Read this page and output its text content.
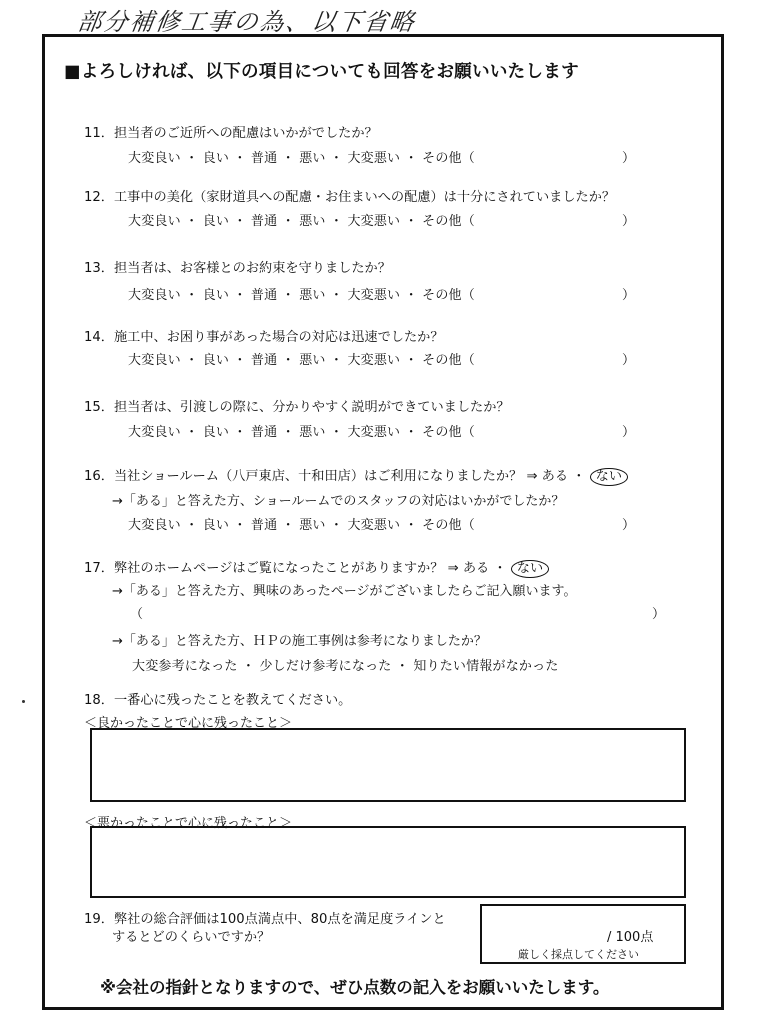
部分補修工事の為、以下省略
■よろしければ、以下の項目についても回答をお願いいたします
11．担当者のご近所への配慮はいかがでしたか？
大変良い ・ 良い ・ 普通 ・ 悪い ・ 大変悪い ・ その他（	）
12．工事中の美化（家財道具への配慮・お住まいへの配慮）は十分にされていましたか？
大変良い ・ 良い ・ 普通 ・ 悪い ・ 大変悪い ・ その他（	）
13．担当者は、お客様とのお約束を守りましたか？
大変良い ・ 良い ・ 普通 ・ 悪い ・ 大変悪い ・ その他（	）
14．施工中、お困り事があった場合の対応は迅速でしたか？
大変良い ・ 良い ・ 普通 ・ 悪い ・ 大変悪い ・ その他（	）
15．担当者は、引渡しの際に、分かりやすく説明ができていましたか？
大変良い ・ 良い ・ 普通 ・ 悪い ・ 大変悪い ・ その他（	）
16．当社ショールーム（八戸東店、十和田店）はご利用になりましたか？ ⇒ ある ・ ない
→「ある」と答えた方、ショールームでのスタッフの対応はいかがでしたか？
大変良い ・ 良い ・ 普通 ・ 悪い ・ 大変悪い ・ その他（	）
17．弊社のホームページはご覧になったことがありますか？ ⇒ ある ・ ない
→「ある」と答えた方、興味のあったページがございましたらご記入願います。
（	）
→「ある」と答えた方、ＨＰの施工事例は参考になりましたか？
大変参考になった ・ 少しだけ参考になった ・ 知りたい情報がなかった
18．一番心に残ったことを教えてください。
＜良かったことで心に残ったこと＞
＜悪かったことで心に残ったこと＞
19．弊社の総合評価は100点満点中、80点を満足度ラインと
するとどのくらいですか？	/ 100点
厳しく採点してください
※会社の指針となりますので、ぜひ点数の記入をお願いいたします。
